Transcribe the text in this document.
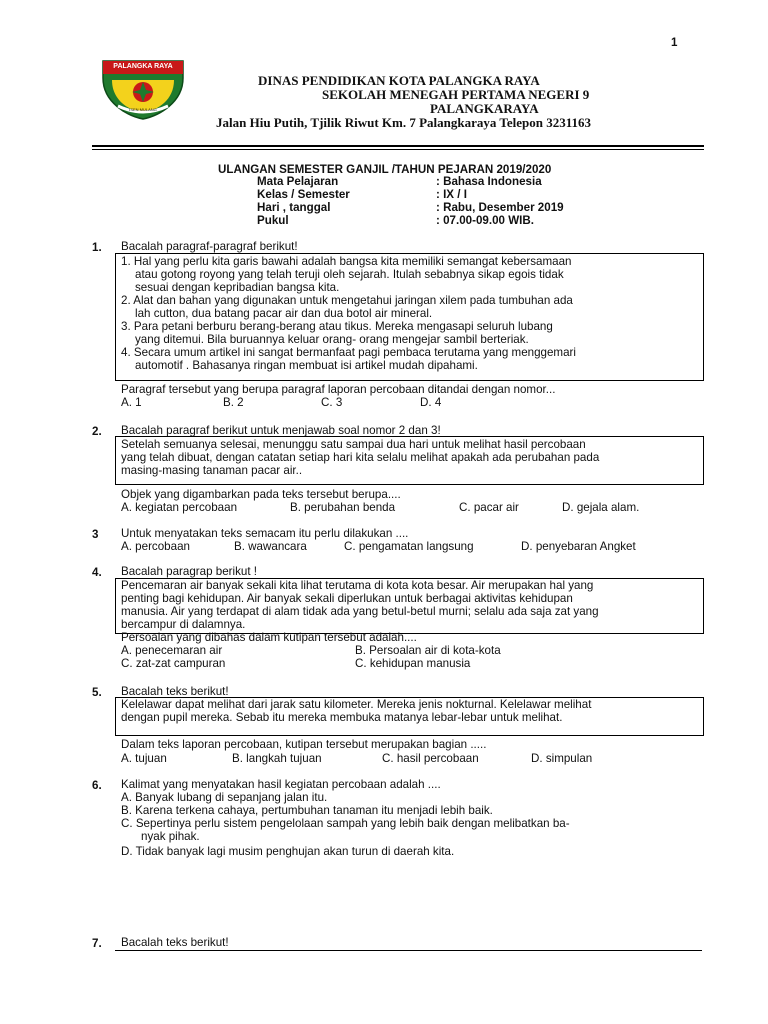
1
PALANGKA RAYA
ISEN MULANG
DINAS PENDIDIKAN KOTA PALANGKA RAYA
SEKOLAH MENEGAH PERTAMA NEGERI 9
PALANGKARAYA
Jalan Hiu Putih, Tjilik Riwut Km. 7 Palangkaraya Telepon 3231163
ULANGAN SEMESTER GANJIL /TAHUN PEJARAN 2019/2020
Mata Pelajaran	: Bahasa Indonesia
Kelas / Semester	: IX / I
Hari , tanggal	: Rabu, Desember 2019
Pukul	: 07.00-09.00 WIB.
1. Bacalah paragraf-paragraf berikut!
1. Hal yang perlu kita garis bawahi adalah bangsa kita memiliki semangat kebersamaan
atau gotong royong yang telah teruji oleh sejarah. Itulah sebabnya sikap egois tidak
sesuai dengan kepribadian bangsa kita.
2. Alat dan bahan yang digunakan untuk mengetahui jaringan xilem pada tumbuhan ada
lah cutton, dua batang pacar air dan dua botol air mineral.
3. Para petani berburu berang-berang atau tikus. Mereka mengasapi seluruh lubang
yang ditemui. Bila buruannya keluar orang- orang mengejar sambil berteriak.
4. Secara umum artikel ini sangat bermanfaat pagi pembaca terutama yang menggemari
automotif . Bahasanya ringan membuat isi artikel mudah dipahami.
Paragraf tersebut yang berupa paragraf laporan percobaan ditandai dengan nomor...
A. 1	B. 2	C. 3	D. 4
2. Bacalah paragraf berikut untuk menjawab soal nomor 2 dan 3!
Setelah semuanya selesai, menunggu satu sampai dua hari untuk melihat hasil percobaan
yang telah dibuat, dengan catatan setiap hari kita selalu melihat apakah ada perubahan pada
masing-masing tanaman pacar air..
Objek yang digambarkan pada teks tersebut berupa....
A. kegiatan percobaan	B. perubahan benda	C. pacar air	D. gejala alam.
3 Untuk menyatakan teks semacam itu perlu dilakukan ....
A. percobaan	B. wawancara	C. pengamatan langsung	D. penyebaran Angket
4. Bacalah paragrap berikut !
Pencemaran air banyak sekali kita lihat terutama di kota kota besar. Air merupakan hal yang
penting bagi kehidupan. Air banyak sekali diperlukan untuk berbagai aktivitas kehidupan
manusia. Air yang terdapat di alam tidak ada yang betul-betul murni; selalu ada saja zat yang
bercampur di dalamnya.
Persoalan yang dibahas dalam kutipan tersebut adalah....
A. penecemaran air	B. Persoalan air di kota-kota
C. zat-zat campuran	C. kehidupan manusia
5. Bacalah teks berikut!
Kelelawar dapat melihat dari jarak satu kilometer. Mereka jenis nokturnal. Kelelawar melihat
dengan pupil mereka. Sebab itu mereka membuka matanya lebar-lebar untuk melihat.
Dalam teks laporan percobaan, kutipan tersebut merupakan bagian .....
A. tujuan	B. langkah tujuan	C. hasil percobaan	D. simpulan
6. Kalimat yang menyatakan hasil kegiatan percobaan adalah ....
A. Banyak lubang di sepanjang jalan itu.
B. Karena terkena cahaya, pertumbuhan tanaman itu menjadi lebih baik.
C. Sepertinya perlu sistem pengelolaan sampah yang lebih baik dengan melibatkan ba-
nyak pihak.
D. Tidak banyak lagi musim penghujan akan turun di daerah kita.
7. Bacalah teks berikut!
